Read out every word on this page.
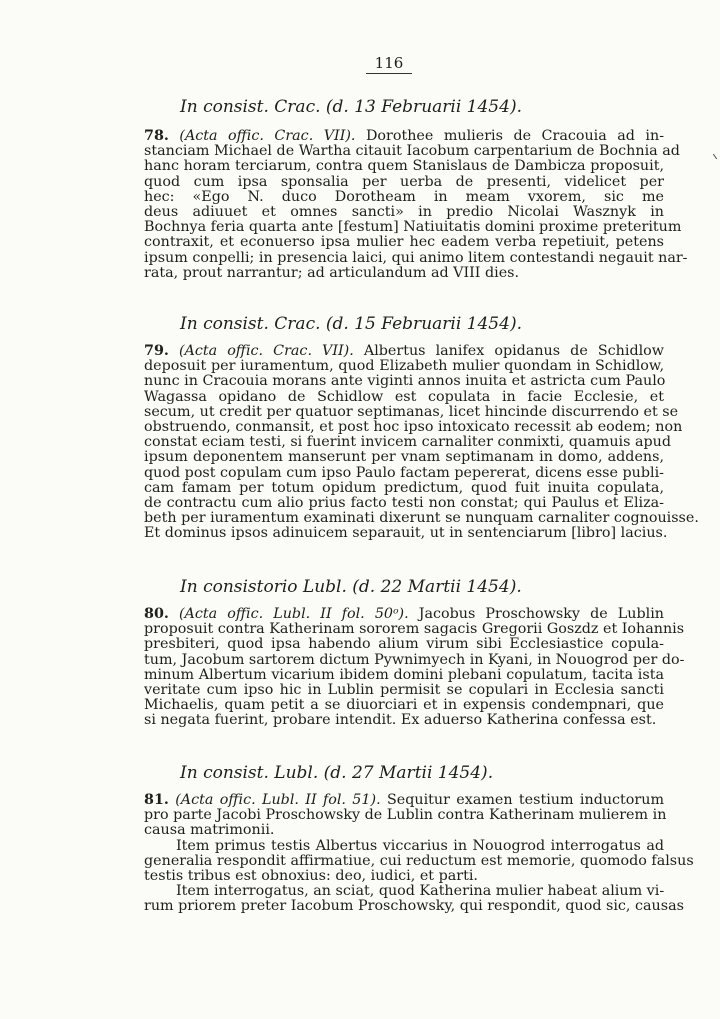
116
In consist. Crac. (d. 13 Februarii 1454).
78. (Acta offic. Crac. VII). Dorothee mulieris de Cracouia ad in-
stanciam Michael de Wartha citauit Iacobum carpentarium de Bochnia ad
hanc horam terciarum, contra quem Stanislaus de Dambicza proposuit,
quod cum ipsa sponsalia per uerba de presenti, videlicet per
hec: «Ego N. duco Dorotheam in meam vxorem, sic me
deus adiuuet et omnes sancti» in predio Nicolai Wasznyk in
Bochnya feria quarta ante [festum] Natiuitatis domini proxime preteritum
contraxit, et econuerso ipsa mulier hec eadem verba repetiuit, petens
ipsum conpelli; in presencia laici, qui animo litem contestandi negauit nar-
rata, prout narrantur; ad articulandum ad VIII dies.
In consist. Crac. (d. 15 Februarii 1454).
79. (Acta offic. Crac. VII). Albertus lanifex opidanus de Schidlow
deposuit per iuramentum, quod Elizabeth mulier quondam in Schidlow,
nunc in Cracouia morans ante viginti annos inuita et astricta cum Paulo
Wagassa opidano de Schidlow est copulata in facie Ecclesie, et
secum, ut credit per quatuor septimanas, licet hincinde discurrendo et se
obstruendo, conmansit, et post hoc ipso intoxicato recessit ab eodem; non
constat eciam testi, si fuerint invicem carnaliter conmixti, quamuis apud
ipsum deponentem manserunt per vnam septimanam in domo, addens,
quod post copulam cum ipso Paulo factam pepererat, dicens esse publi-
cam famam per totum opidum predictum, quod fuit inuita copulata,
de contractu cum alio prius facto testi non constat; qui Paulus et Eliza-
beth per iuramentum examinati dixerunt se nunquam carnaliter cognouisse.
Et dominus ipsos adinuicem separauit, ut in sentenciarum [libro] lacius.
In consistorio Lubl. (d. 22 Martii 1454).
80. (Acta offic. Lubl. II fol. 50ᵒ). Jacobus Proschowsky de Lublin
proposuit contra Katherinam sororem sagacis Gregorii Goszdz et Iohannis
presbiteri, quod ipsa habendo alium virum sibi Ecclesiastice copula-
tum, Jacobum sartorem dictum Pywnimyech in Kyani, in Nouogrod per do-
minum Albertum vicarium ibidem domini plebani copulatum, tacita ista
veritate cum ipso hic in Lublin permisit se copulari in Ecclesia sancti
Michaelis, quam petit a se diuorciari et in expensis condempnari, que
si negata fuerint, probare intendit. Ex aduerso Katherina confessa est.
In consist. Lubl. (d. 27 Martii 1454).
81. (Acta offic. Lubl. II fol. 51). Sequitur examen testium inductorum
pro parte Jacobi Proschowsky de Lublin contra Katherinam mulierem in
causa matrimonii.
Item primus testis Albertus viccarius in Nouogrod interrogatus ad
generalia respondit affirmatiue, cui reductum est memorie, quomodo falsus
testis tribus est obnoxius: deo, iudici, et parti.
Item interrogatus, an sciat, quod Katherina mulier habeat alium vi-
rum priorem preter Iacobum Proschowsky, qui respondit, quod sic, causas
